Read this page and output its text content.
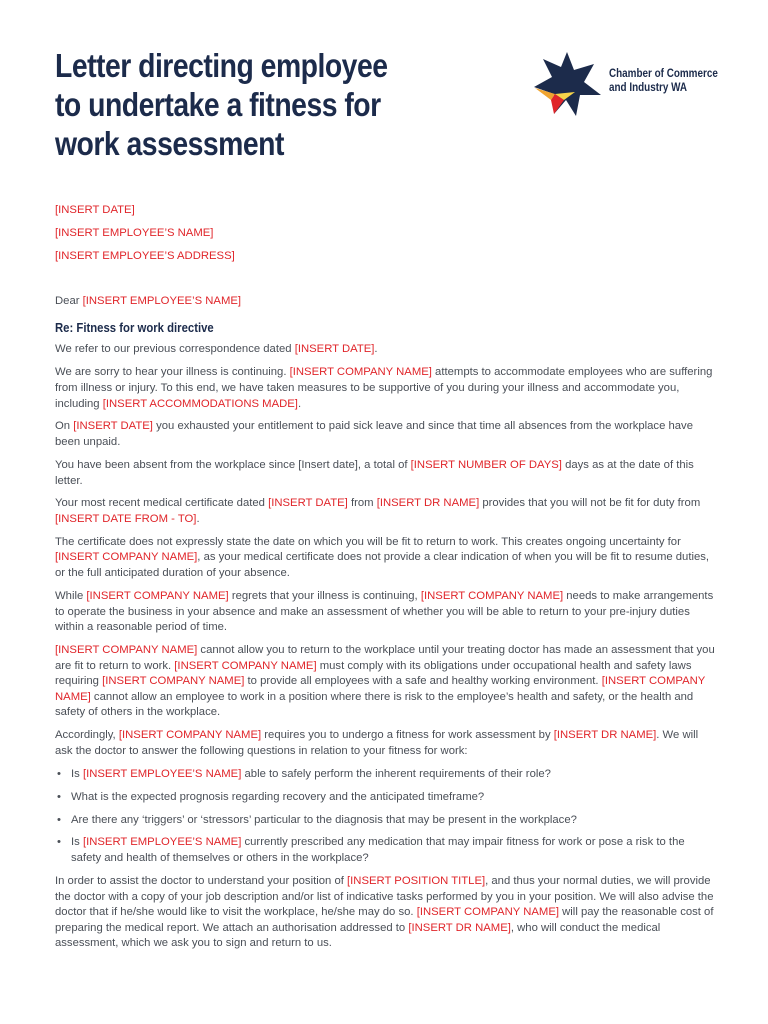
Letter directing employee to undertake a fitness for work assessment
Chamber of Commerce
and Industry WA

[INSERT DATE]

[INSERT EMPLOYEE’S NAME]

[INSERT EMPLOYEE’S ADDRESS]

Dear [INSERT EMPLOYEE’S NAME]

Re: Fitness for work directive

We refer to our previous correspondence dated [INSERT DATE].

We are sorry to hear your illness is continuing. [INSERT COMPANY NAME] attempts to accommodate employees who are suffering from illness or injury. To this end, we have taken measures to be supportive of you during your illness and accommodate you, including [INSERT ACCOMMODATIONS MADE].

On [INSERT DATE] you exhausted your entitlement to paid sick leave and since that time all absences from the workplace have been unpaid.

You have been absent from the workplace since [Insert date], a total of [INSERT NUMBER OF DAYS] days as at the date of this letter.

Your most recent medical certificate dated [INSERT DATE] from [INSERT DR NAME] provides that you will not be fit for duty from [INSERT DATE FROM - TO].

The certificate does not expressly state the date on which you will be fit to return to work. This creates ongoing uncertainty for [INSERT COMPANY NAME], as your medical certificate does not provide a clear indication of when you will be fit to resume duties, or the full anticipated duration of your absence.

While [INSERT COMPANY NAME] regrets that your illness is continuing, [INSERT COMPANY NAME] needs to make arrangements to operate the business in your absence and make an assessment of whether you will be able to return to your pre-injury duties within a reasonable period of time.

[INSERT COMPANY NAME] cannot allow you to return to the workplace until your treating doctor has made an assessment that you are fit to return to work. [INSERT COMPANY NAME] must comply with its obligations under occupational health and safety laws requiring [INSERT COMPANY NAME] to provide all employees with a safe and healthy working environment. [INSERT COMPANY NAME] cannot allow an employee to work in a position where there is risk to the employee’s health and safety, or the health and safety of others in the workplace.

Accordingly, [INSERT COMPANY NAME] requires you to undergo a fitness for work assessment by [INSERT DR NAME]. We will ask the doctor to answer the following questions in relation to your fitness for work:

• Is [INSERT EMPLOYEE’S NAME] able to safely perform the inherent requirements of their role?
• What is the expected prognosis regarding recovery and the anticipated timeframe?
• Are there any ‘triggers’ or ‘stressors’ particular to the diagnosis that may be present in the workplace?
• Is [INSERT EMPLOYEE’S NAME] currently prescribed any medication that may impair fitness for work or pose a risk to the safety and health of themselves or others in the workplace?

In order to assist the doctor to understand your position of [INSERT POSITION TITLE], and thus your normal duties, we will provide the doctor with a copy of your job description and/or list of indicative tasks performed by you in your position. We will also advise the doctor that if he/she would like to visit the workplace, he/she may do so. [INSERT COMPANY NAME] will pay the reasonable cost of preparing the medical report. We attach an authorisation addressed to [INSERT DR NAME], who will conduct the medical assessment, which we ask you to sign and return to us.
